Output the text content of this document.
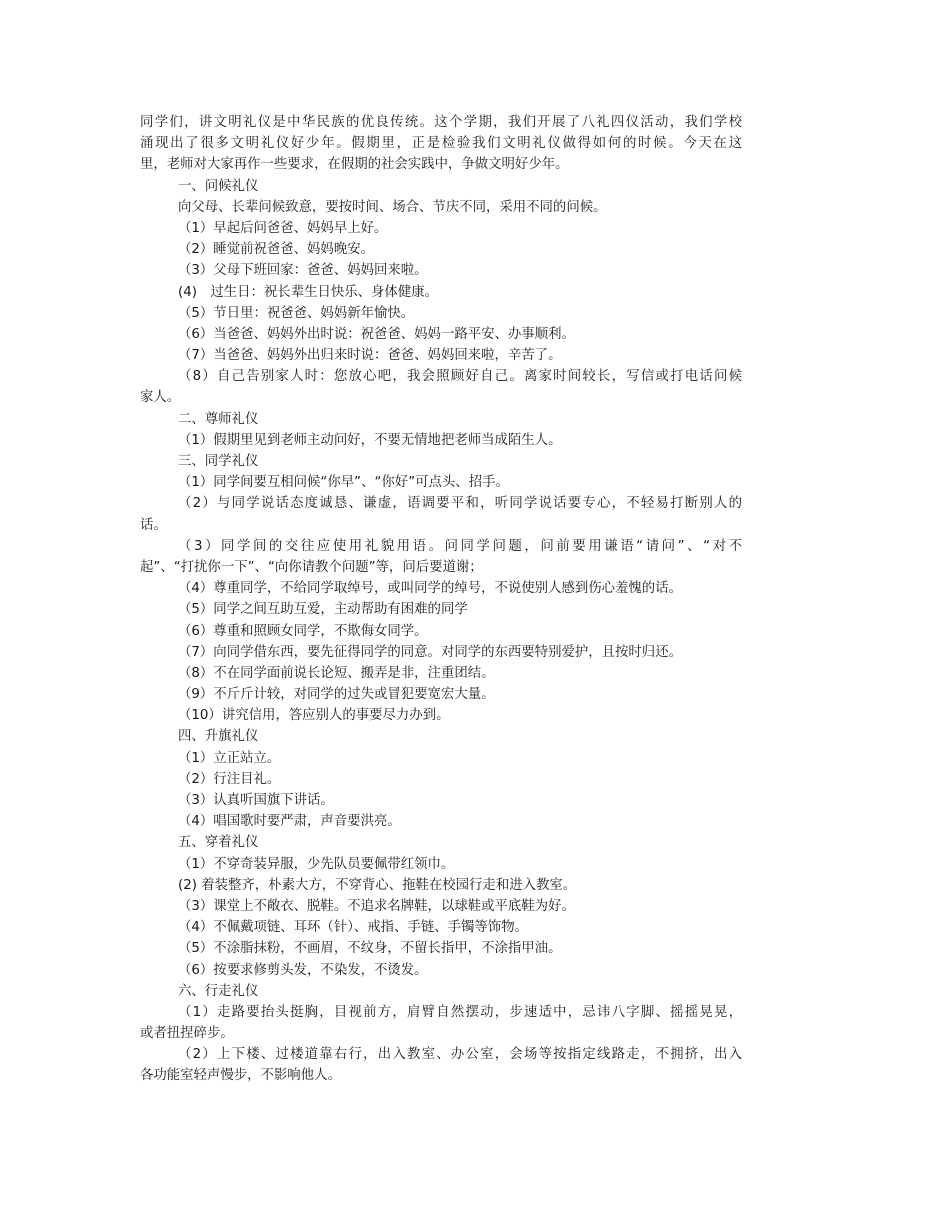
同学们，讲文明礼仪是中华民族的优良传统。这个学期，我们开展了八礼四仪活动，我们学校
涌现出了很多文明礼仪好少年。假期里，正是检验我们文明礼仪做得如何的时候。今天在这
里，老师对大家再作一些要求，在假期的社会实践中，争做文明好少年。
一、问候礼仪
向父母、长辈问候致意，要按时间、场合、节庆不同，采用不同的问候。
（1）早起后问爸爸、妈妈早上好。
（2）睡觉前祝爸爸、妈妈晚安。
（3）父母下班回家：爸爸、妈妈回来啦。
(4)　过生日：祝长辈生日快乐、身体健康。
（5）节日里：祝爸爸、妈妈新年愉快。
（6）当爸爸、妈妈外出时说：祝爸爸、妈妈一路平安、办事顺利。
（7）当爸爸、妈妈外出归来时说：爸爸、妈妈回来啦，辛苦了。
（8）自己告别家人时：您放心吧，我会照顾好自己。离家时间较长，写信或打电话问候
家人。
二、尊师礼仪
（1）假期里见到老师主动问好，不要无情地把老师当成陌生人。
三、同学礼仪
（1）同学间要互相问候“你早”、“你好”可点头、招手。
（2）与同学说话态度诚恳、谦虚，语调要平和，听同学说话要专心，不轻易打断别人的
话。
（3）同学间的交往应使用礼貌用语。问同学问题，问前要用谦语“请问”、“对不
起”、“打扰你一下”、“向你请教个问题”等，问后要道谢；
（4）尊重同学，不给同学取绰号，或叫同学的绰号，不说使别人感到伤心羞愧的话。
（5）同学之间互助互爱，主动帮助有困难的同学
（6）尊重和照顾女同学，不欺侮女同学。
（7）向同学借东西，要先征得同学的同意。对同学的东西要特别爱护，且按时归还。
（8）不在同学面前说长论短、搬弄是非，注重团结。
（9）不斤斤计较，对同学的过失或冒犯要宽宏大量。
（10）讲究信用，答应别人的事要尽力办到。
四、升旗礼仪
（1）立正站立。
（2）行注目礼。
（3）认真听国旗下讲话。
（4）唱国歌时要严肃，声音要洪亮。
五、穿着礼仪
（1）不穿奇装异服，少先队员要佩带红领巾。
(2) 着装整齐，朴素大方，不穿背心、拖鞋在校园行走和进入教室。
（3）课堂上不敞衣、脱鞋。不追求名牌鞋，以球鞋或平底鞋为好。
（4）不佩戴项链、耳环（针）、戒指、手链、手镯等饰物。
（5）不涂脂抹粉，不画眉，不纹身，不留长指甲，不涂指甲油。
（6）按要求修剪头发，不染发，不烫发。
六、行走礼仪
（1）走路要抬头挺胸，目视前方，肩臂自然摆动，步速适中，忌讳八字脚、摇摇晃晃，
或者扭捏碎步。
（2）上下楼、过楼道靠右行，出入教室、办公室，会场等按指定线路走，不拥挤，出入
各功能室轻声慢步，不影响他人。
